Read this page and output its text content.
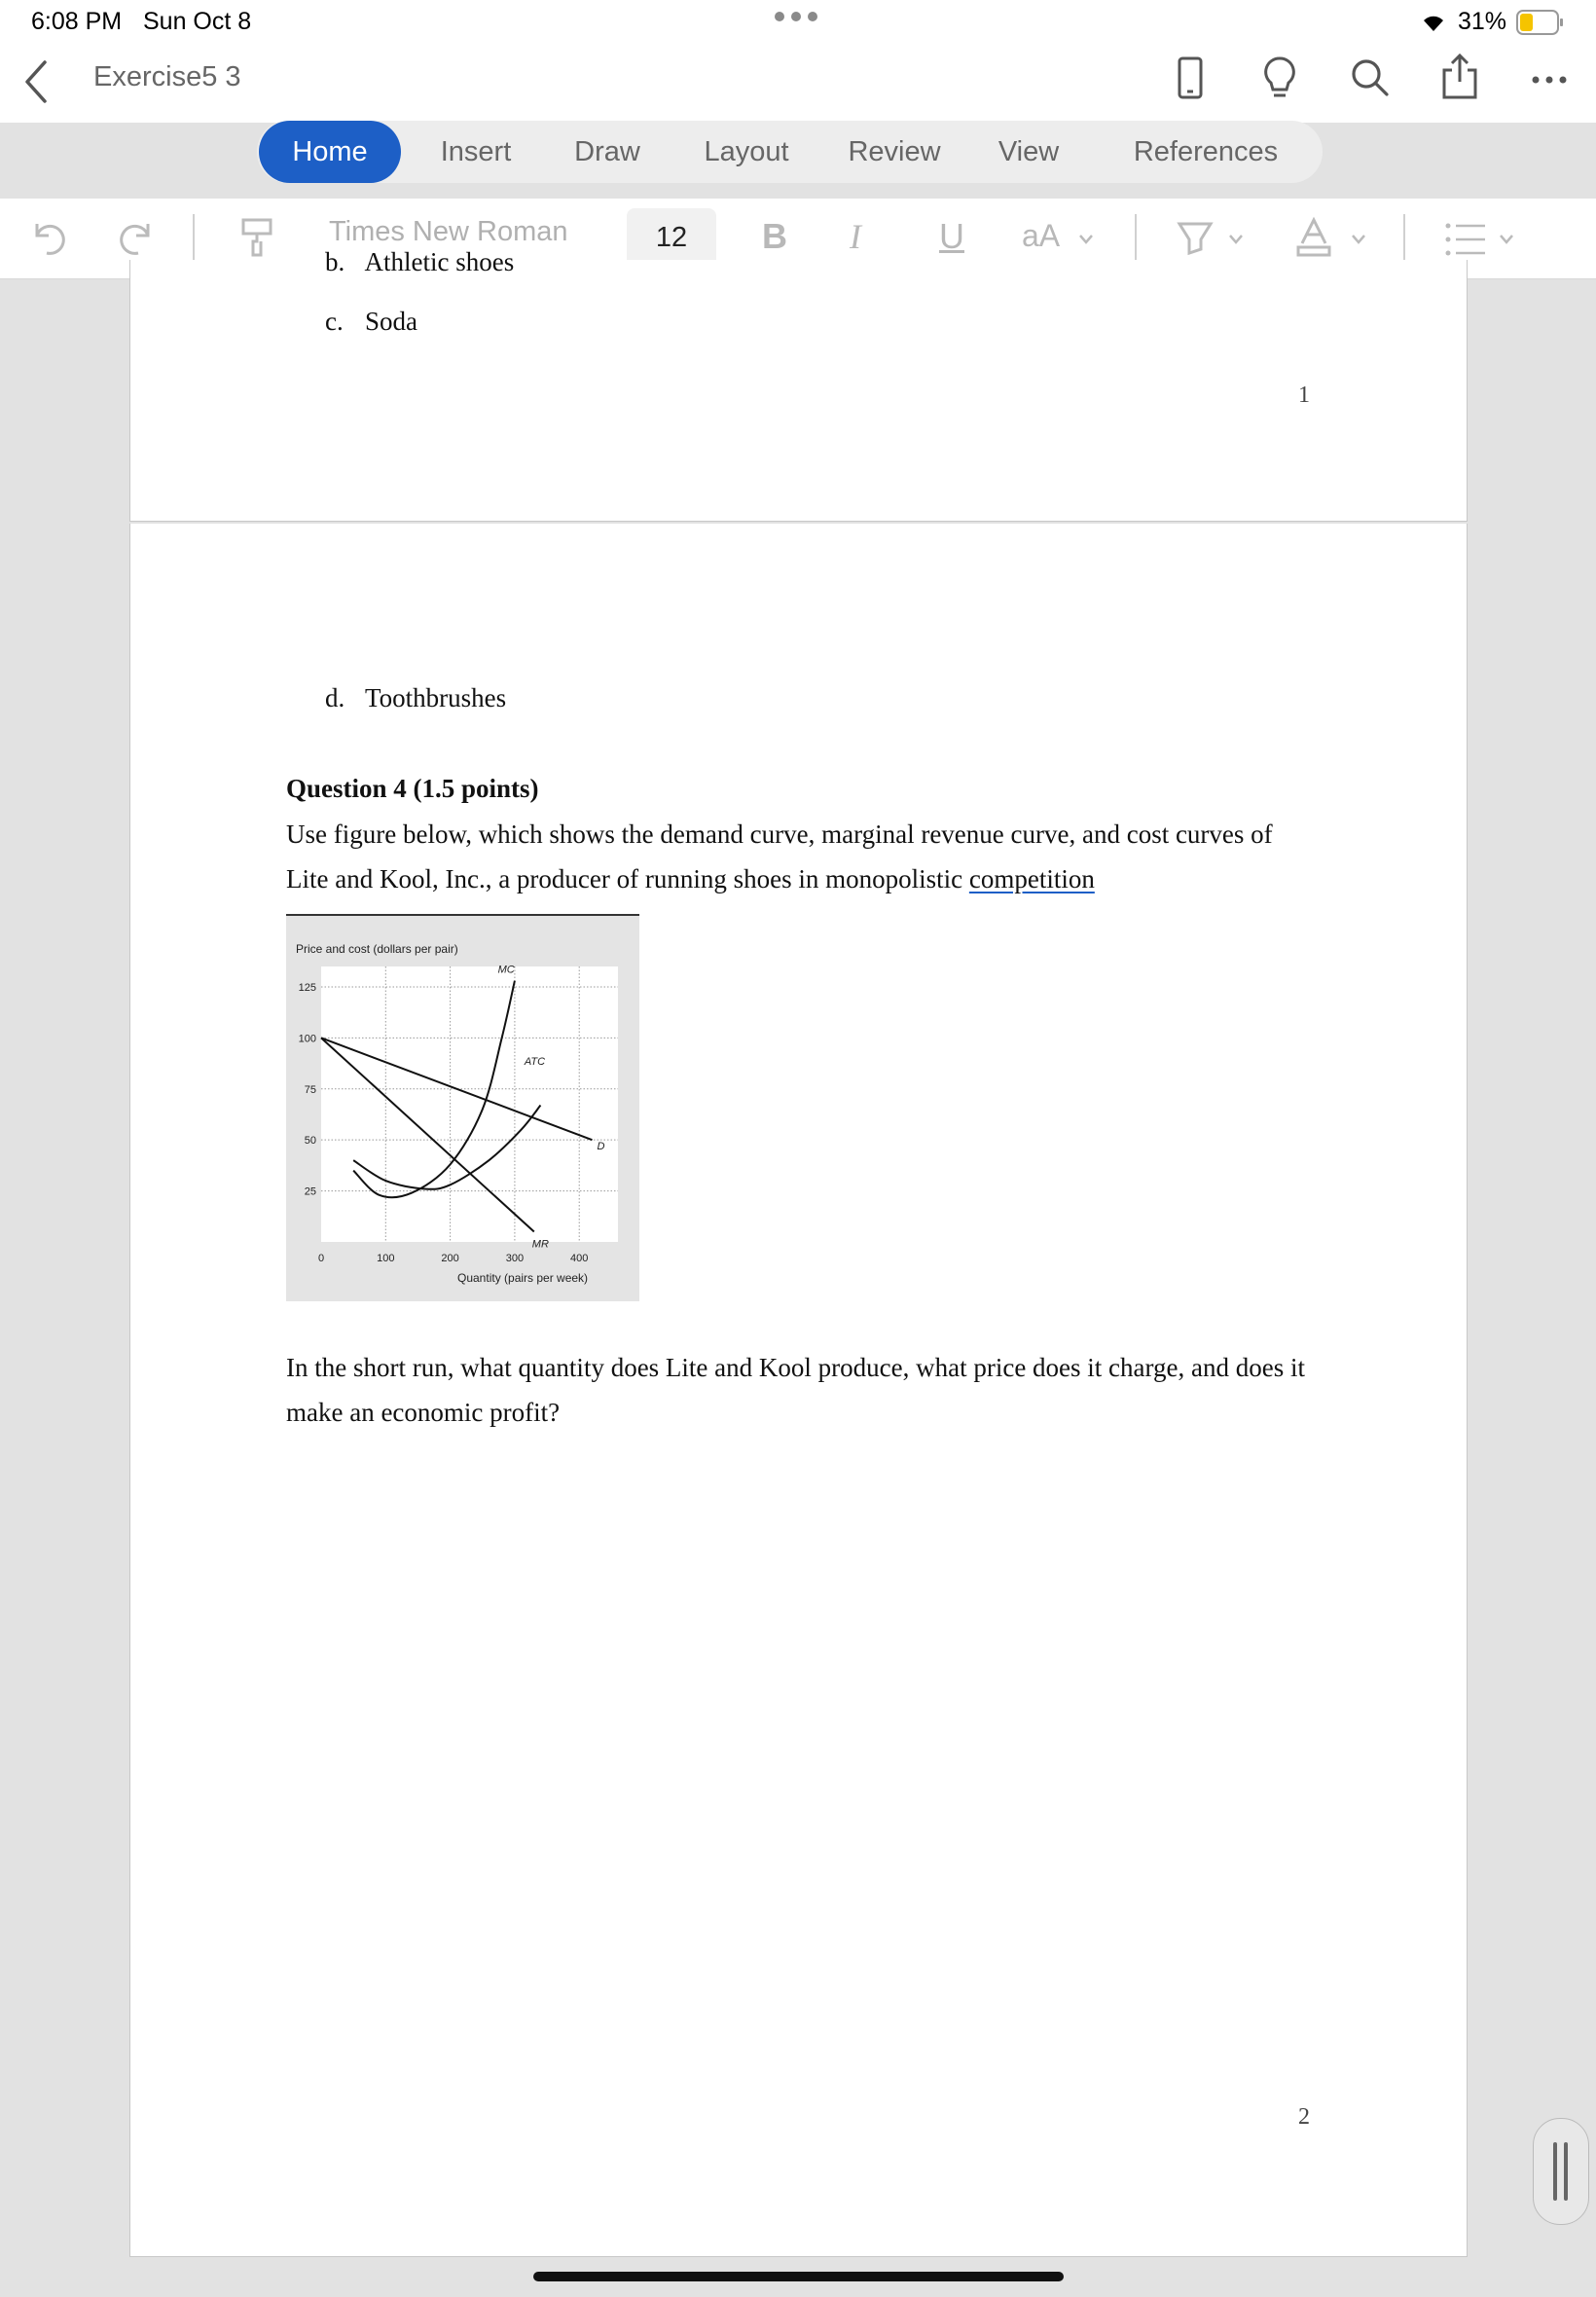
6:08 PM Sun Oct 8	31%
Exercise5 3
Home	Insert	Draw	Layout	Review	View	References
Times New Roman	12	B I U aA
b.   Athletic shoes
c. Soda
1
d. Toothbrushes
Question 4 (1.5 points)
Use figure below, which shows the demand curve, marginal revenue curve, and cost curves of
Lite and Kool, Inc., a producer of running shoes in monopolistic competition
0	100	200	300	400
125
100
75
50
25
D
MR
ATC
MC
Price and cost (dollars per pair)
Quantity (pairs per week)
In the short run, what quantity does Lite and Kool produce, what price does it charge, and does it
make an economic profit?
2
